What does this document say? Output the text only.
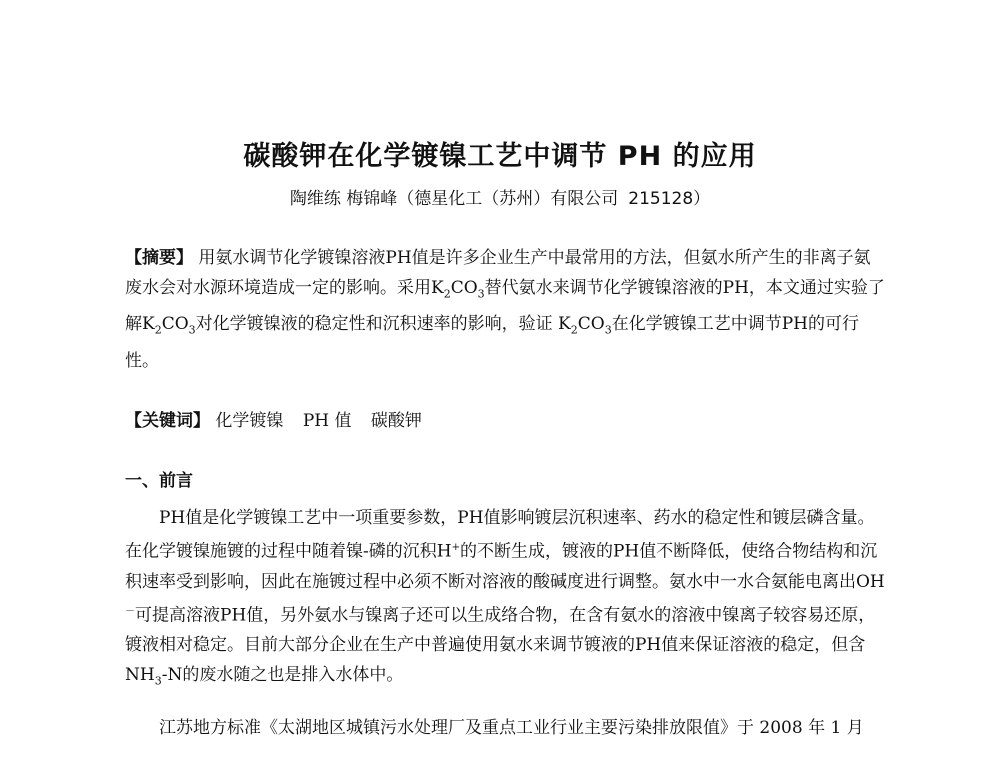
碳酸钾在化学镀镍工艺中调节 PH 的应用
陶维练 梅锦峰（德星化工（苏州）有限公司 215128）

【摘要】 用氨水调节化学镀镍溶液PH值是许多企业生产中最常用的方法，但氨水所产生的非离子氨废水会对水源环境造成一定的影响。采用$K_2CO_3$替代氨水来调节化学镀镍溶液的PH，本文通过实验了解$K_2CO_3$对化学镀镍液的稳定性和沉积速率的影响，验证 $K_2CO_3$在化学镀镍工艺中调节PH的可行性。

【关键词】 化学镀镍 PH 值 碳酸钾

一、前言

PH值是化学镀镍工艺中一项重要参数，PH值影响镀层沉积速率、药水的稳定性和镀层磷含量。在化学镀镍施镀的过程中随着镍-磷的沉积H+的不断生成，镀液的PH值不断降低，使络合物结构和沉积速率受到影响，因此在施镀过程中必须不断对溶液的酸碱度进行调整。氨水中一水合氨能电离出OH－可提高溶液PH值，另外氨水与镍离子还可以生成络合物，在含有氨水的溶液中镍离子较容易还原，镀液相对稳定。目前大部分企业在生产中普遍使用氨水来调节镀液的PH值来保证溶液的稳定，但含$NH_3-N$的废水随之也是排入水体中。

江苏地方标准《太湖地区城镇污水处理厂及重点工业行业主要污染排放限值》于 2008 年 1 月
